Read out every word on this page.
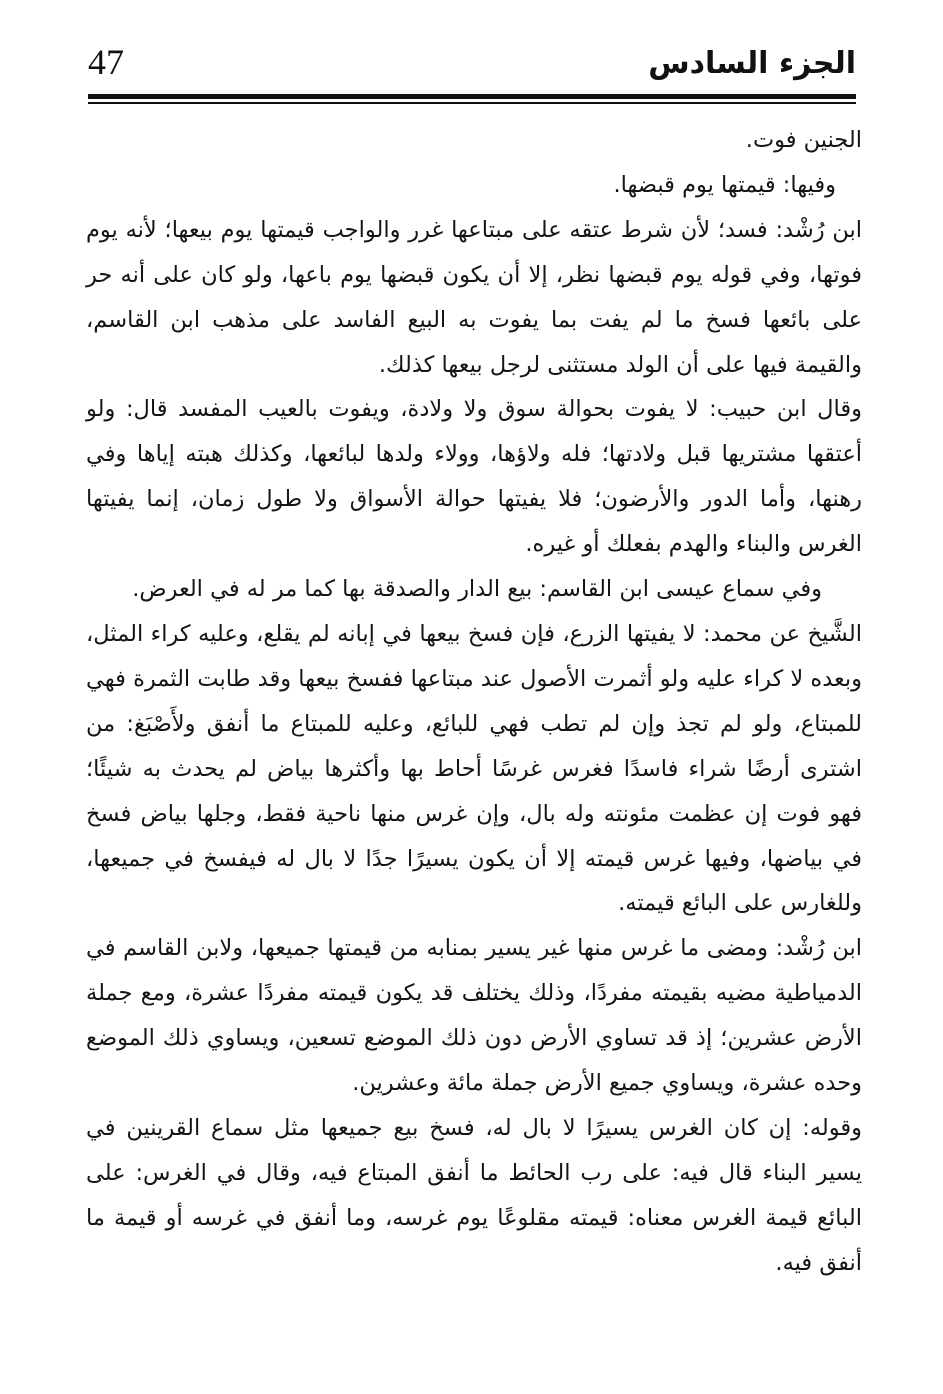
47	الجزء السادس

الجنين فوت.

وفيها: قيمتها يوم قبضها.

ابن رُشْد: فسد؛ لأن شرط عتقه على مبتاعها غرر والواجب قيمتها يوم بيعها؛ لأنه يوم فوتها، وفي قوله يوم قبضها نظر، إلا أن يكون قبضها يوم باعها، ولو كان على أنه حر على بائعها فسخ ما لم يفت بما يفوت به البيع الفاسد على مذهب ابن القاسم، والقيمة فيها على أن الولد مستثنى لرجل بيعها كذلك.

وقال ابن حبيب: لا يفوت بحوالة سوق ولا ولادة، ويفوت بالعيب المفسد قال: ولو أعتقها مشتريها قبل ولادتها؛ فله ولاؤها، وولاء ولدها لبائعها، وكذلك هبته إياها وفي رهنها، وأما الدور والأرضون؛ فلا يفيتها حوالة الأسواق ولا طول زمان، إنما يفيتها الغرس والبناء والهدم بفعلك أو غيره.

وفي سماع عيسى ابن القاسم: بيع الدار والصدقة بها كما مر له في العرض.

الشَّيخ عن محمد: لا يفيتها الزرع، فإن فسخ بيعها في إبانه لم يقلع، وعليه كراء المثل، وبعده لا كراء عليه ولو أثمرت الأصول عند مبتاعها ففسخ بيعها وقد طابت الثمرة فهي للمبتاع، ولو لم تجذ وإن لم تطب فهي للبائع، وعليه للمبتاع ما أنفق ولأَصْبَغ: من اشترى أرضًا شراء فاسدًا فغرس غرسًا أحاط بها وأكثرها بياض لم يحدث به شيئًا؛ فهو فوت إن عظمت مئونته وله بال، وإن غرس منها ناحية فقط، وجلها بياض فسخ في بياضها، وفيها غرس قيمته إلا أن يكون يسيرًا جدًا لا بال له فيفسخ في جميعها، وللغارس على البائع قيمته.

ابن رُشْد: ومضى ما غرس منها غير يسير بمنابه من قيمتها جميعها، ولابن القاسم في الدمياطية مضيه بقيمته مفردًا، وذلك يختلف قد يكون قيمته مفردًا عشرة، ومع جملة الأرض عشرين؛ إذ قد تساوي الأرض دون ذلك الموضع تسعين، ويساوي ذلك الموضع وحده عشرة، ويساوي جميع الأرض جملة مائة وعشرين.

وقوله: إن كان الغرس يسيرًا لا بال له، فسخ بيع جميعها مثل سماع القرينين في يسير البناء قال فيه: على رب الحائط ما أنفق المبتاع فيه، وقال في الغرس: على البائع قيمة الغرس معناه: قيمته مقلوعًا يوم غرسه، وما أنفق في غرسه أو قيمة ما أنفق فيه.
